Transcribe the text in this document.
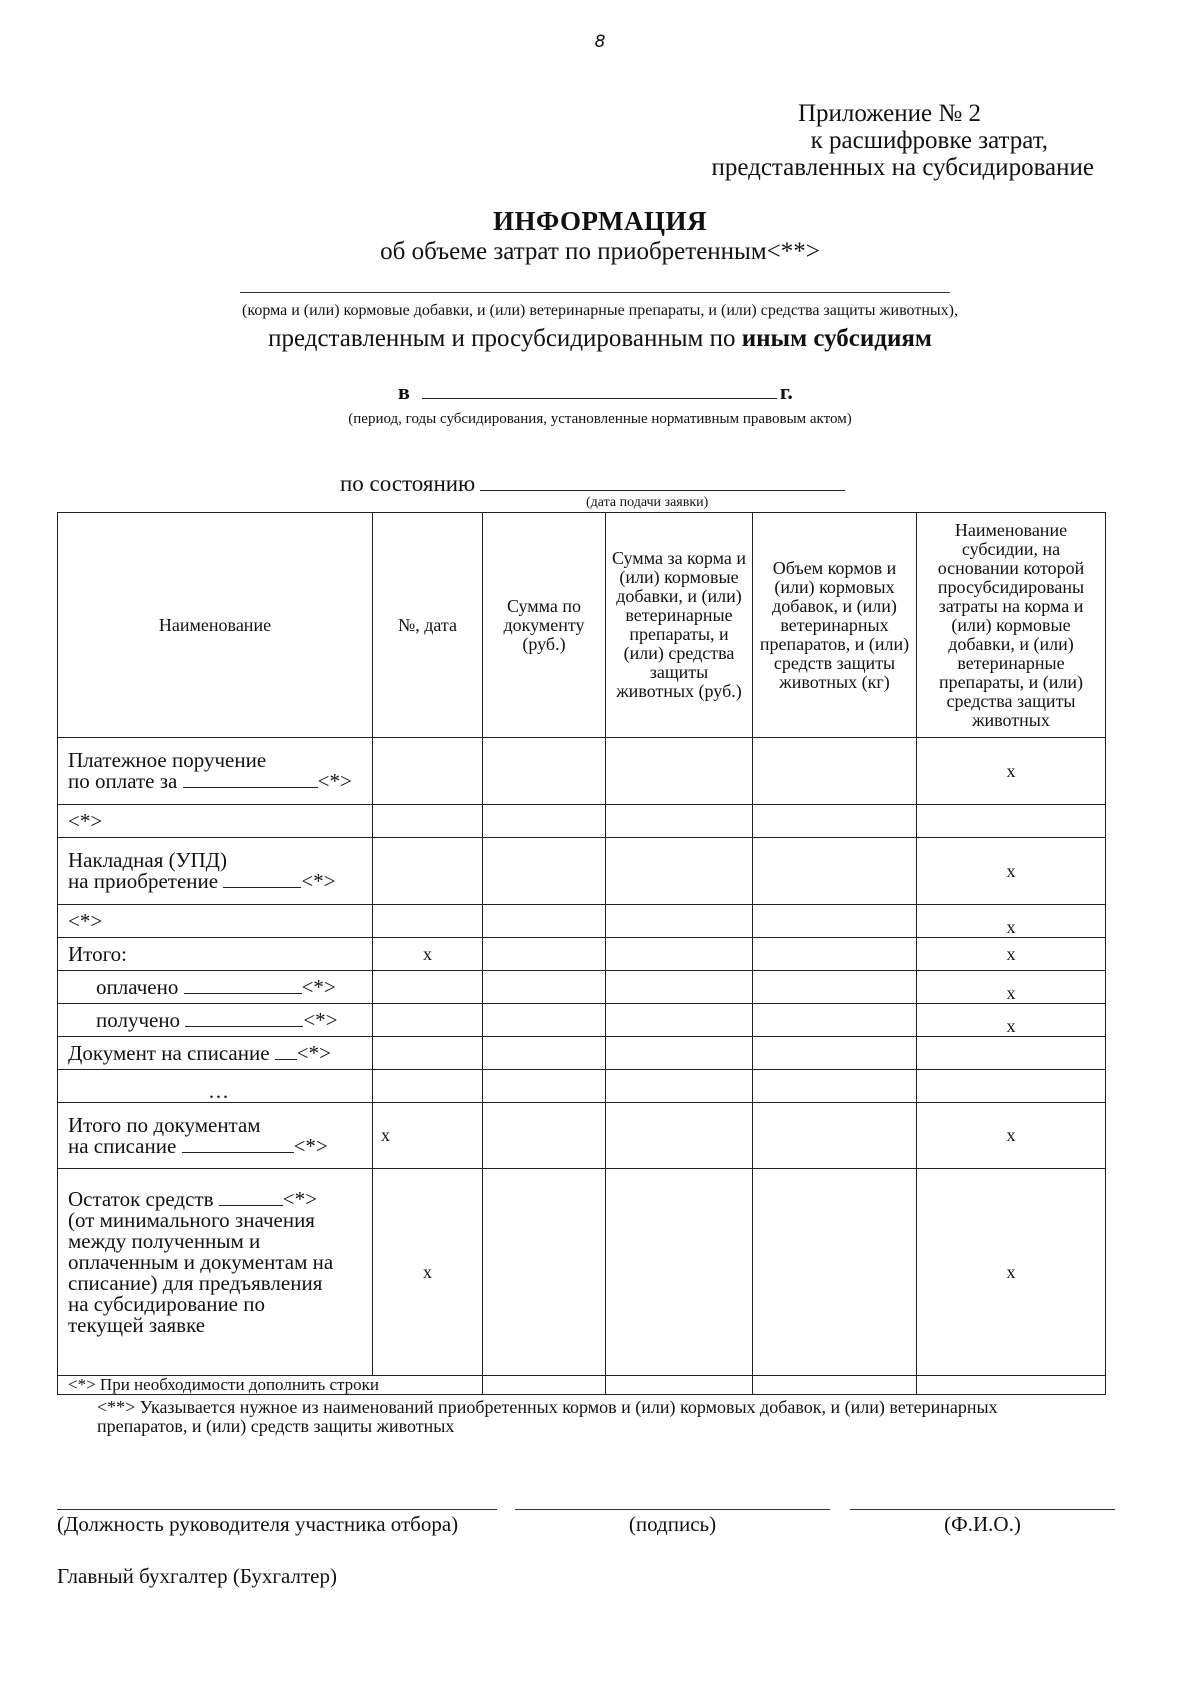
8
Приложение № 2
к расшифровке затрат,
представленных на субсидирование
ИНФОРМАЦИЯ
об объеме затрат по приобретенным<**>
(корма и (или) кормовые добавки, и (или) ветеринарные препараты, и (или) средства защиты животных),
представленным и просубсидированным по иным субсидиям
в	г.
(период, годы субсидирования, установленные нормативным правовым актом)
по состоянию
(дата подачи заявки)
Наименование	№, дата	Сумма по документу (руб.)	Сумма за корма и (или) кормовые добавки, и (или) ветеринарные препараты, и (или) средства защиты животных (руб.)	Объем кормов и (или) кормовых добавок, и (или) ветеринарных препаратов, и (или) средств защиты животных (кг)	Наименование субсидии, на основании которой просубсидированы затраты на корма и (или) кормовые добавки, и (или) ветеринарные препараты, и (или) средства защиты животных

Платежное поручение
по оплате за <*>					x
<*>					

Накладная (УПД)
на приобретение <*>					x
<*>					x
Итого:	x				x
оплачено <*>					x
получено <*>					x
Документ на списание <*>					
…					

Итого по документам
на списание <*>	x				x

Остаток средств <*>
(от минимального значения между полученным и оплаченным и документам на списание) для предъявления на субсидирование по текущей заявке	x				x
<*> При необходимости дополнить строки					
<**> Указывается нужное из наименований приобретенных кормов и (или) кормовых добавок, и (или) ветеринарных препаратов, и (или) средств защиты животных
(Должность руководителя участника отбора)	(подпись)	(Ф.И.О.)
Главный бухгалтер (Бухгалтер)
